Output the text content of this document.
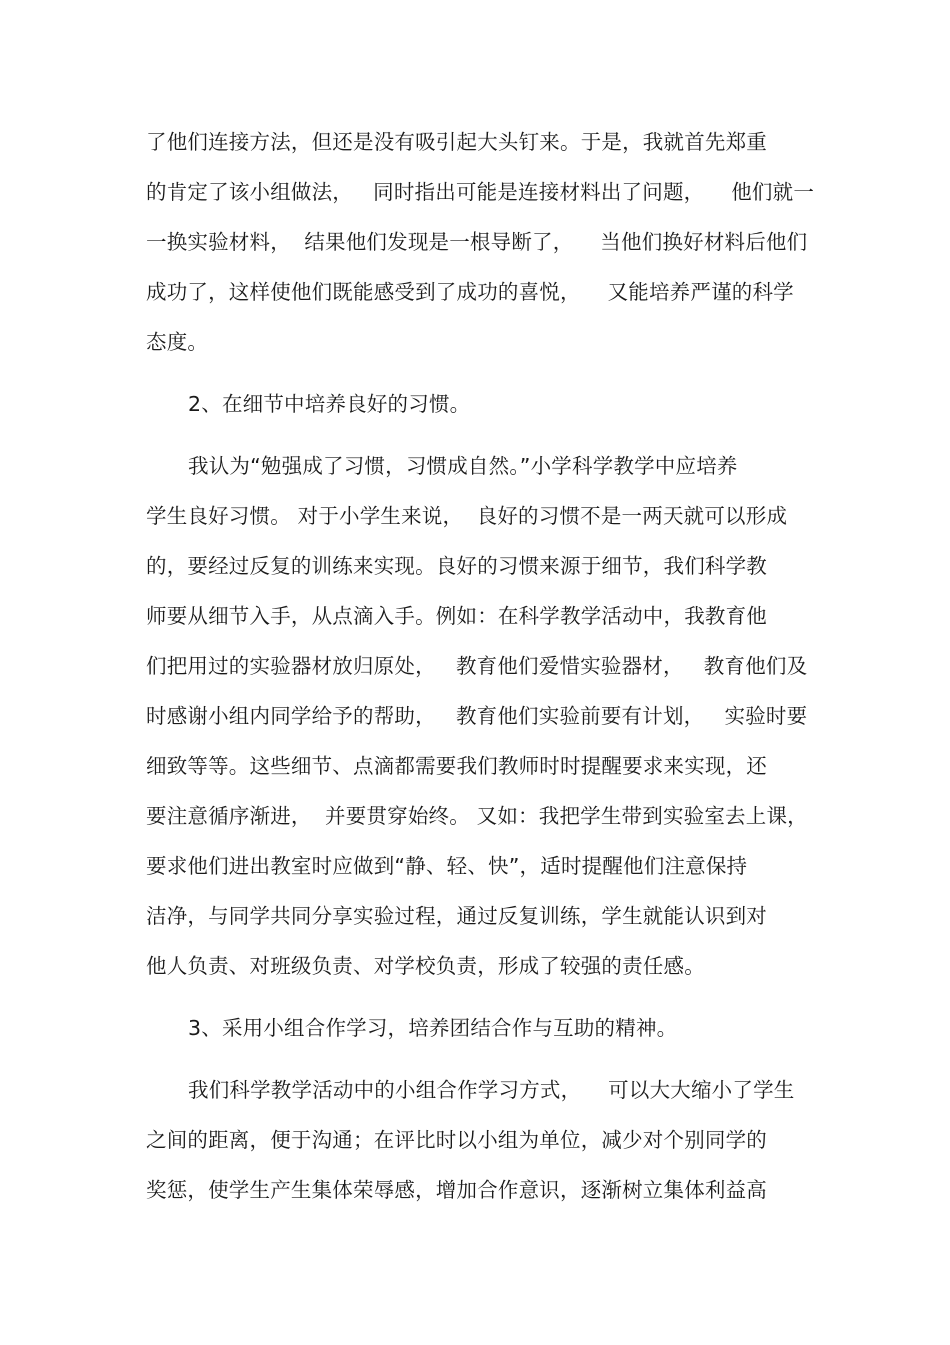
了他们连接方法，但还是没有吸引起大头钉来。于是，我就首先郑重
的肯定了该小组做法，   同时指出可能是连接材料出了问题，    他们就一
一换实验材料，  结果他们发现是一根导断了，    当他们换好材料后他们
成功了，这样使他们既能感受到了成功的喜悦，    又能培养严谨的科学
态度。
2、在细节中培养良好的习惯。
我认为“勉强成了习惯，习惯成自然。”小学科学教学中应培养
学生良好习惯。 对于小学生来说，  良好的习惯不是一两天就可以形成
的，要经过反复的训练来实现。良好的习惯来源于细节，我们科学教
师要从细节入手，从点滴入手。例如：在科学教学活动中，我教育他
们把用过的实验器材放归原处，   教育他们爱惜实验器材，   教育他们及
时感谢小组内同学给予的帮助，   教育他们实验前要有计划，   实验时要
细致等等。这些细节、点滴都需要我们教师时时提醒要求来实现，还
要注意循序渐进，  并要贯穿始终。 又如：我把学生带到实验室去上课，
要求他们进出教室时应做到“静、轻、快”，适时提醒他们注意保持
洁净，与同学共同分享实验过程，通过反复训练，学生就能认识到对
他人负责、对班级负责、对学校负责，形成了较强的责任感。
3、采用小组合作学习，培养团结合作与互助的精神。
我们科学教学活动中的小组合作学习方式，    可以大大缩小了学生
之间的距离，便于沟通；在评比时以小组为单位，减少对个别同学的
奖惩，使学生产生集体荣辱感，增加合作意识，逐渐树立集体利益高
